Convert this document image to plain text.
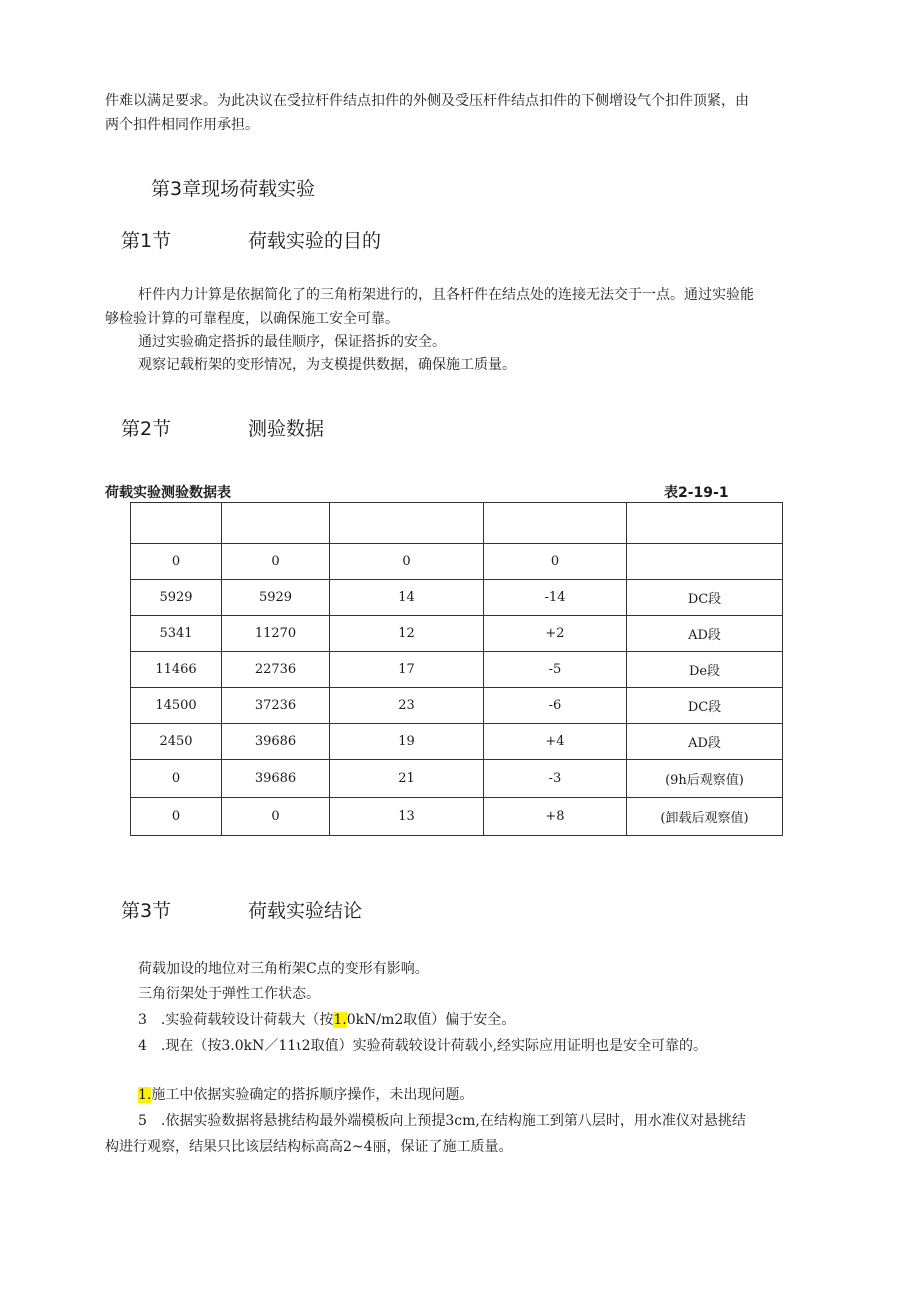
件难以满足要求。为此决议在受拉杆件结点扣件的外侧及受压杆件结点扣件的下侧增设气个扣件顶紧，由
两个扣件相同作用承担。
第3章现场荷载实验
第1节	荷载实验的目的
杆件内力计算是依据简化了的三角桁架进行的，且各杆件在结点处的连接无法交于一点。通过实验能
够检验计算的可靠程度，以确保施工安全可靠。
通过实验确定搭拆的最佳顺序，保证搭拆的安全。
观察记载桁架的变形情况，为支模提供数据，确保施工质量。
第2节	测验数据
荷载实验测验数据表	表2-19-1

0	0	0	0	
5929	5929	14	-14	DC段
5341	11270	12	+2	AD段
11466	22736	17	-5	De段
14500	37236	23	-6	DC段
2450	39686	19	+4	AD段
0	39686	21	-3	(9h后观察值)
0	0	13	+8	(卸载后观察值)
第3节	荷载实验结论
荷载加设的地位对三角桁架C点的变形有影响。
三角衍架处于弹性工作状态。
3　.实验荷载较设计荷载大（按1.0kN/m2取值）偏于安全。
4　.现在（按3.0kN／11ι2取值）实验荷载较设计荷载小,经实际应用证明也是安全可靠的。
1.施工中依据实验确定的搭拆顺序操作，未出现问题。
5　.依据实验数据将悬挑结构最外端模板向上预提3cm,在结构施工到第八层时，用水准仪对悬挑结
构进行观察，结果只比该层结构标高高2~4丽，保证了施工质量。
